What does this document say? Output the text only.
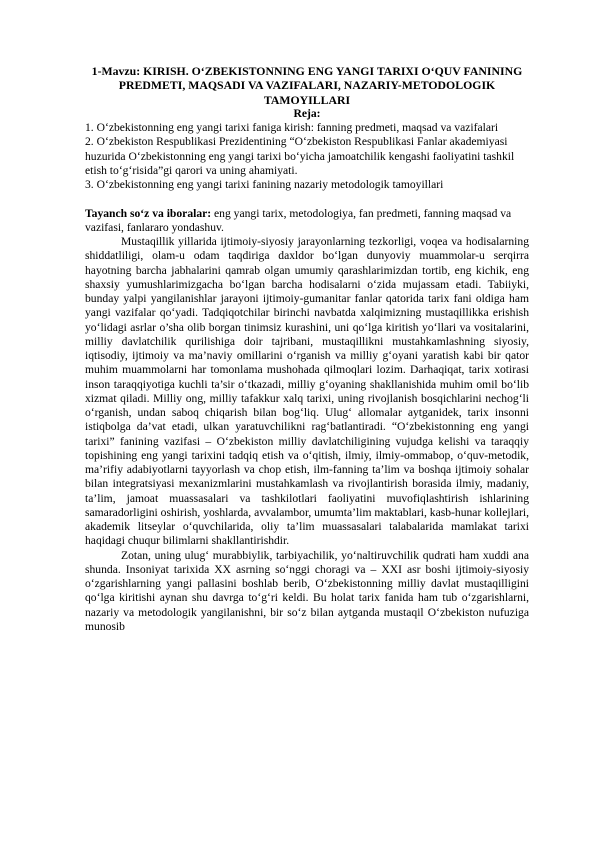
1-Mavzu: KIRISH. O‘ZBEKISTONNING ENG YANGI TARIXI O‘QUV FANINING PREDMETI, MAQSADI VA VAZIFALARI, NAZARIY-METODOLOGIK TAMOYILLARI

Reja:

1. O‘zbekistonning eng yangi tarixi faniga kirish: fanning predmeti, maqsad va vazifalari

2. O‘zbekiston Respublikasi Prezidentining “O‘zbekiston Respublikasi Fanlar akademiyasi huzurida O‘zbekistonning eng yangi tarixi bo‘yicha jamoatchilik kengashi faoliyatini tashkil etish to‘g‘risida”gi qarori va uning ahamiyati.

3. O‘zbekistonning eng yangi tarixi fanining nazariy metodologik tamoyillari

Tayanch so‘z va iboralar: eng yangi tarix, metodologiya, fan predmeti, fanning maqsad va vazifasi, fanlararo yondashuv.

Mustaqillik yillarida ijtimoiy-siyosiy jarayonlarning tezkorligi, voqea va hodisalarning shiddatliligi, olam-u odam taqdiriga daxldor bo‘lgan dunyoviy muammolar-u serqirra hayotning barcha jabhalarini qamrab olgan umumiy qarashlarimizdan tortib, eng kichik, eng shaxsiy yumushlarimizgacha bo‘lgan barcha hodisalarni o‘zida mujassam etadi. Tabiiyki, bunday yalpi yangilanishlar jarayoni ijtimoiy-gumanitar fanlar qatorida tarix fani oldiga ham yangi vazifalar qo‘yadi. Tadqiqotchilar birinchi navbatda xalqimizning mustaqillikka erishish yo‘lidagi asrlar o’sha olib borgan tinimsiz kurashini, uni qo‘lga kiritish yo‘llari va vositalarini, milliy davlatchilik qurilishiga doir tajribani, mustaqillikni mustahkamlashning siyosiy, iqtisodiy, ijtimoiy va ma’naviy omillarini o‘rganish va milliy g‘oyani yaratish kabi bir qator muhim muammolarni har tomonlama mushohada qilmoqlari lozim. Darhaqiqat, tarix xotirasi inson taraqqiyotiga kuchli ta’sir o‘tkazadi, milliy g‘oyaning shakllanishida muhim omil bo‘lib xizmat qiladi. Milliy ong, milliy tafakkur xalq tarixi, uning rivojlanish bosqichlarini nechog‘li o‘rganish, undan saboq chiqarish bilan bog‘liq. Ulug‘ allomalar aytganidek, tarix insonni istiqbolga da’vat etadi, ulkan yaratuvchilikni rag‘batlantiradi. “O‘zbekistonning eng yangi tarixi” fanining vazifasi – O‘zbekiston milliy davlatchiligining vujudga kelishi va taraqqiy topishining eng yangi tarixini tadqiq etish va o‘qitish, ilmiy, ilmiy-ommabop, o‘quv-metodik, ma’rifiy adabiyotlarni tayyorlash va chop etish, ilm-fanning ta’lim va boshqa ijtimoiy sohalar bilan integratsiyasi mexanizmlarini mustahkamlash va rivojlantirish borasida ilmiy, madaniy, ta’lim, jamoat muassasalari va tashkilotlari faoliyatini muvofiqlashtirish ishlarining samaradorligini oshirish, yoshlarda, avvalambor, umumta’lim maktablari, kasb-hunar kollejlari, akademik litseylar o‘quvchilarida, oliy ta’lim muassasalari talabalarida mamlakat tarixi haqidagi chuqur bilimlarni shakllantirishdir.

Zotan, uning ulug‘ murabbiylik, tarbiyachilik, yo‘naltiruvchilik qudrati ham xuddi ana shunda. Insoniyat tarixida XX asrning so‘nggi choragi va – XXI asr boshi ijtimoiy-siyosiy o‘zgarishlarning yangi pallasini boshlab berib, O‘zbekistonning milliy davlat mustaqilligini qo‘lga kiritishi aynan shu davrga to‘g‘ri keldi. Bu holat tarix fanida ham tub o‘zgarishlarni, nazariy va metodologik yangilanishni, bir so‘z bilan aytganda mustaqil O‘zbekiston nufuziga munosib
